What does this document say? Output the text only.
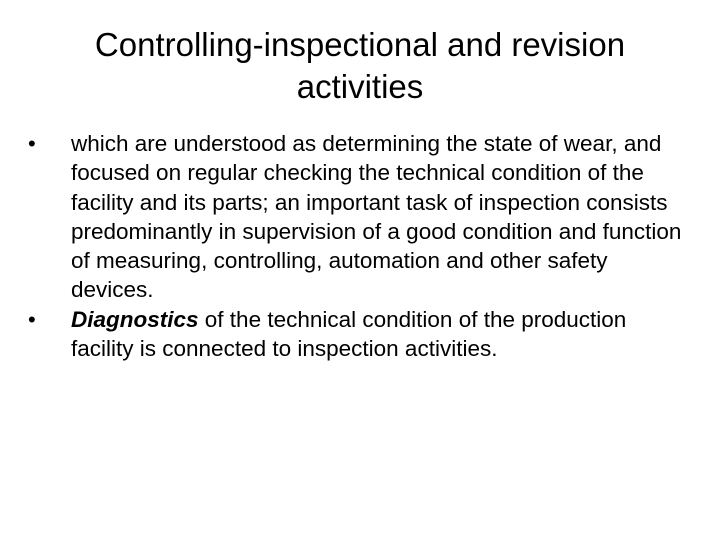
Controlling-inspectional and revision
activities
•	which are understood as determining the state of wear, and focused on regular checking the technical condition of the facility and its parts; an important task of inspection consists predominantly in supervision of a good condition and function of measuring, controlling, automation and other safety devices.
•	Diagnostics of the technical condition of the production facility is connected to inspection activities.
